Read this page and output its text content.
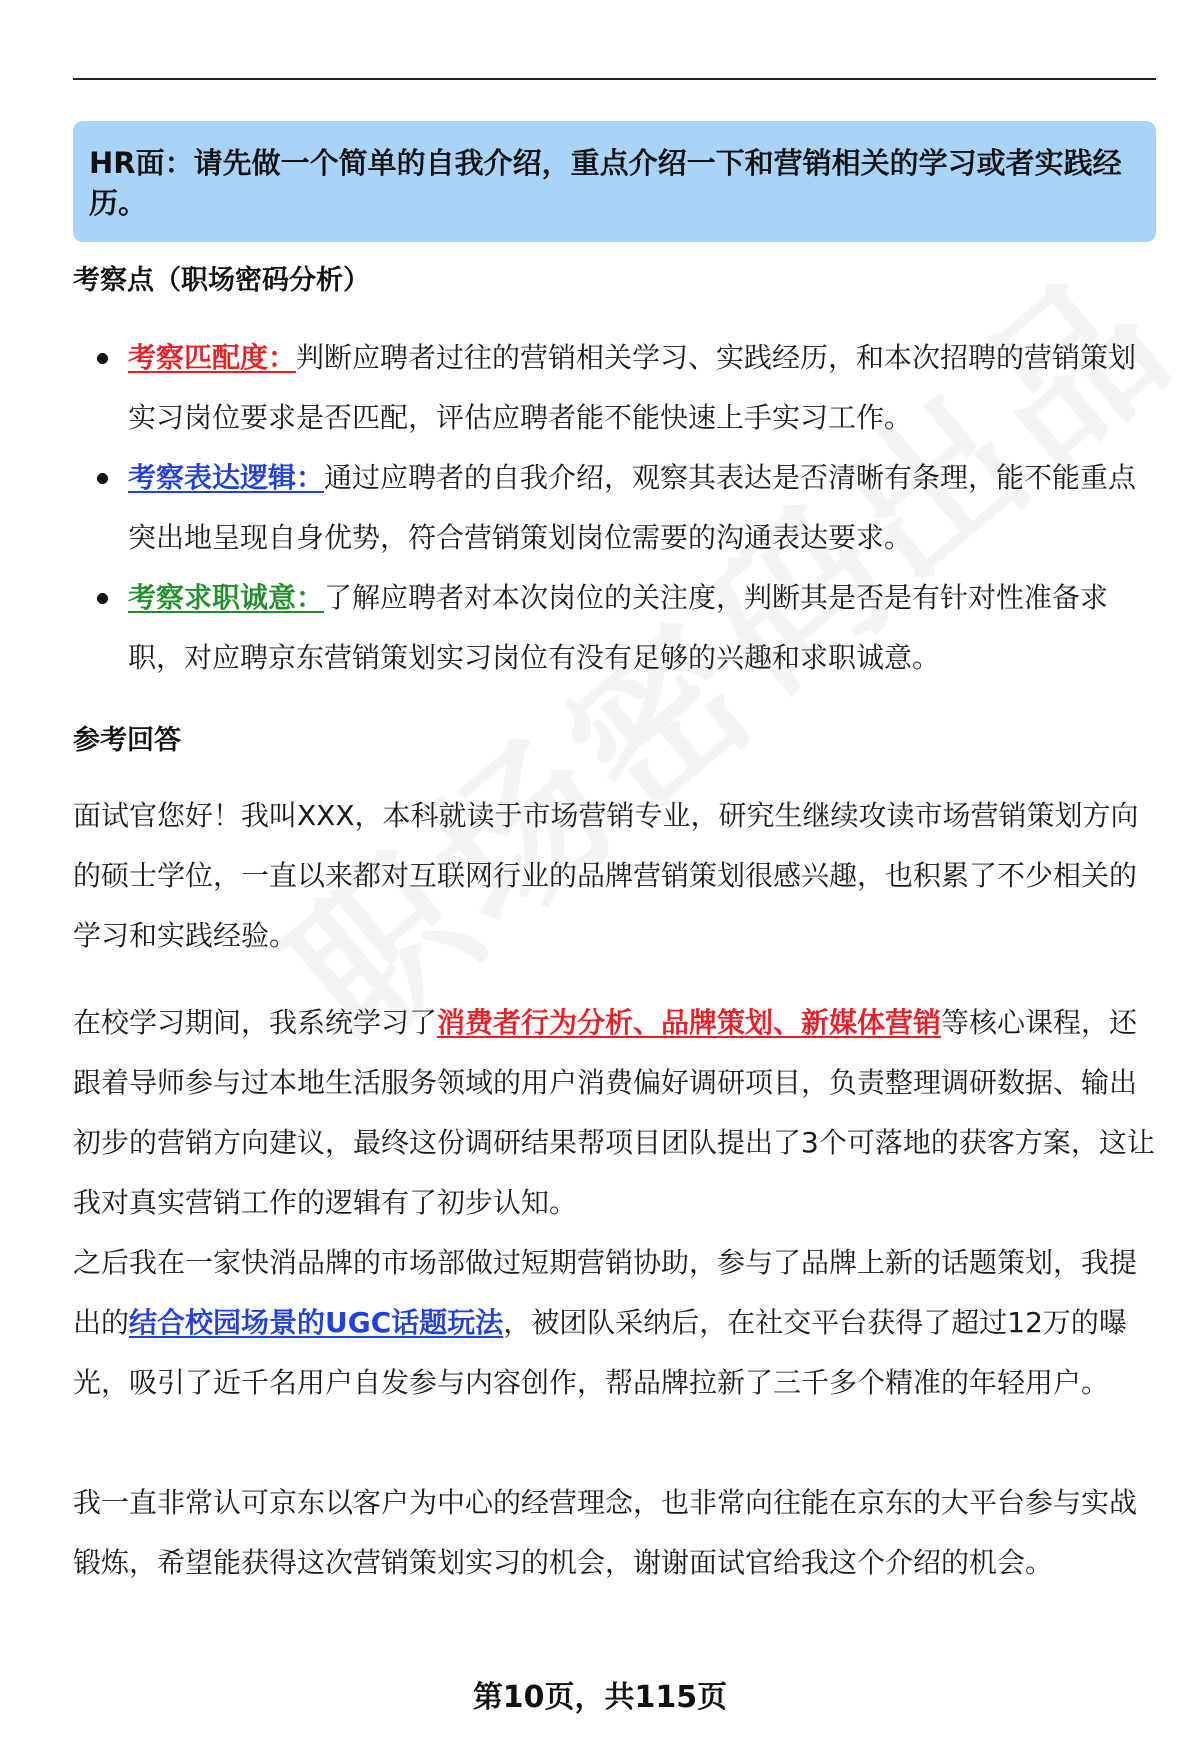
HR面：请先做一个简单的自我介绍，重点介绍一下和营销相关的学习或者实践经历。
考察点（职场密码分析）
考察匹配度：判断应聘者过往的营销相关学习、实践经历，和本次招聘的营销策划实习岗位要求是否匹配，评估应聘者能不能快速上手实习工作。
考察表达逻辑：通过应聘者的自我介绍，观察其表达是否清晰有条理，能不能重点突出地呈现自身优势，符合营销策划岗位需要的沟通表达要求。
考察求职诚意：了解应聘者对本次岗位的关注度，判断其是否是有针对性准备求职，对应聘京东营销策划实习岗位有没有足够的兴趣和求职诚意。
参考回答

面试官您好！我叫XXX，本科就读于市场营销专业，研究生继续攻读市场营销策划方向的硕士学位，一直以来都对互联网行业的品牌营销策划很感兴趣，也积累了不少相关的学习和实践经验。

在校学习期间，我系统学习了消费者行为分析、品牌策划、新媒体营销等核心课程，还跟着导师参与过本地生活服务领域的用户消费偏好调研项目，负责整理调研数据、输出初步的营销方向建议，最终这份调研结果帮项目团队提出了3个可落地的获客方案，这让我对真实营销工作的逻辑有了初步认知。

之后我在一家快消品牌的市场部做过短期营销协助，参与了品牌上新的话题策划，我提出的结合校园场景的UGC话题玩法，被团队采纳后，在社交平台获得了超过12万的曝光，吸引了近千名用户自发参与内容创作，帮品牌拉新了三千多个精准的年轻用户。

我一直非常认可京东以客户为中心的经营理念，也非常向往能在京东的大平台参与实战锻炼，希望能获得这次营销策划实习的机会，谢谢面试官给我这个介绍的机会。

第10页，共115页
